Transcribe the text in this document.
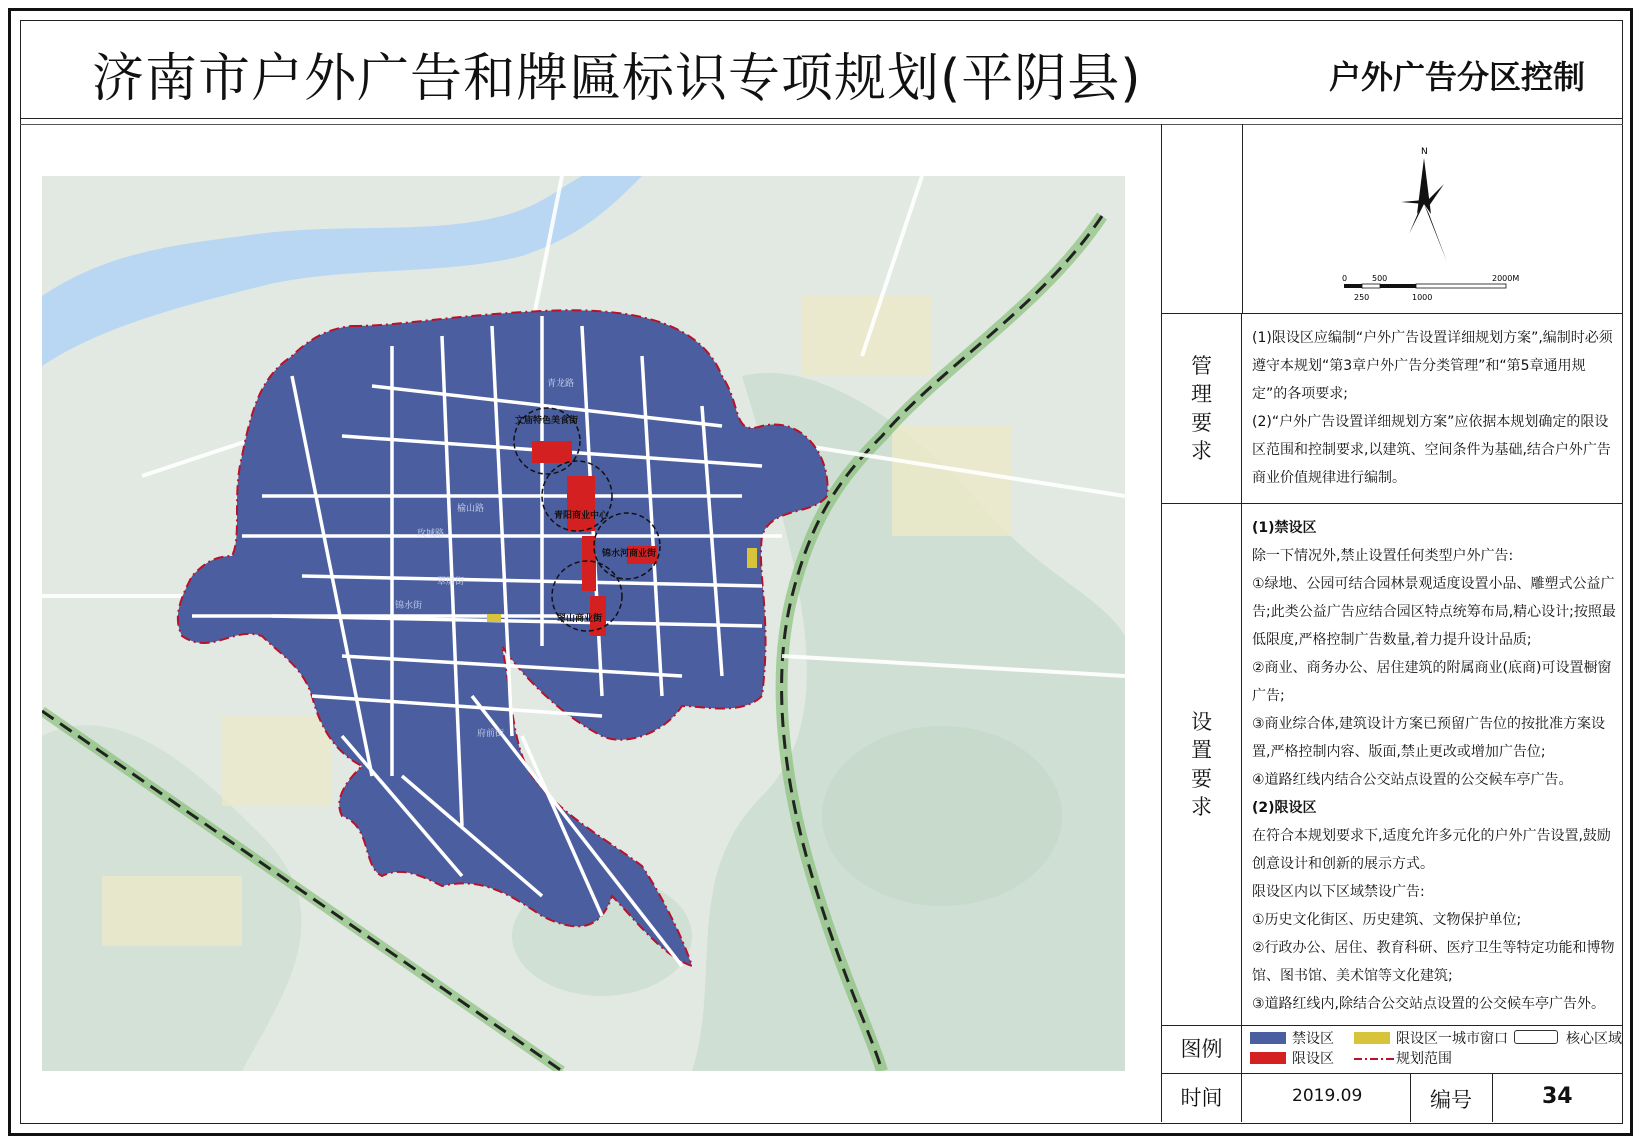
济南市户外广告和牌匾标识专项规划(平阴县)	户外广告分区控制
文庙特色美食街
青阳商业中心
锦水河商业街
翠山商业街
榆山路
翠屏街
锦水街
青龙路
玫城路
府前街
N
0	500	2000M
250	1000
管理要求

(1)限设区应编制“户外广告设置详细规划方案”,编制时必须遵守本规划“第3章户外广告分类管理”和“第5章通用规定”的各项要求;

(2)“户外广告设置详细规划方案”应依据本规划确定的限设区范围和控制要求,以建筑、空间条件为基础,结合户外广告商业价值规律进行编制。

设置要求

(1)禁设区

除一下情况外,禁止设置任何类型户外广告:

①绿地、公园可结合园林景观适度设置小品、雕塑式公益广告;此类公益广告应结合园区特点统筹布局,精心设计;按照最低限度,严格控制广告数量,着力提升设计品质;

②商业、商务办公、居住建筑的附属商业(底商)可设置橱窗广告;

③商业综合体,建筑设计方案已预留广告位的按批准方案设置,严格控制内容、版面,禁止更改或增加广告位;

④道路红线内结合公交站点设置的公交候车亭广告。

(2)限设区

在符合本规划要求下,适度允许多元化的户外广告设置,鼓励创意设计和创新的展示方式。

限设区内以下区域禁设广告:

①历史文化街区、历史建筑、文物保护单位;

②行政办公、居住、教育科研、医疗卫生等特定功能和博物馆、图书馆、美术馆等文化建筑;

③道路红线内,除结合公交站点设置的公交候车亭广告外。

图例	禁设区	限设区一城市窗口	核心区域
限设区	规划范围
时间	2019.09	编号	34
